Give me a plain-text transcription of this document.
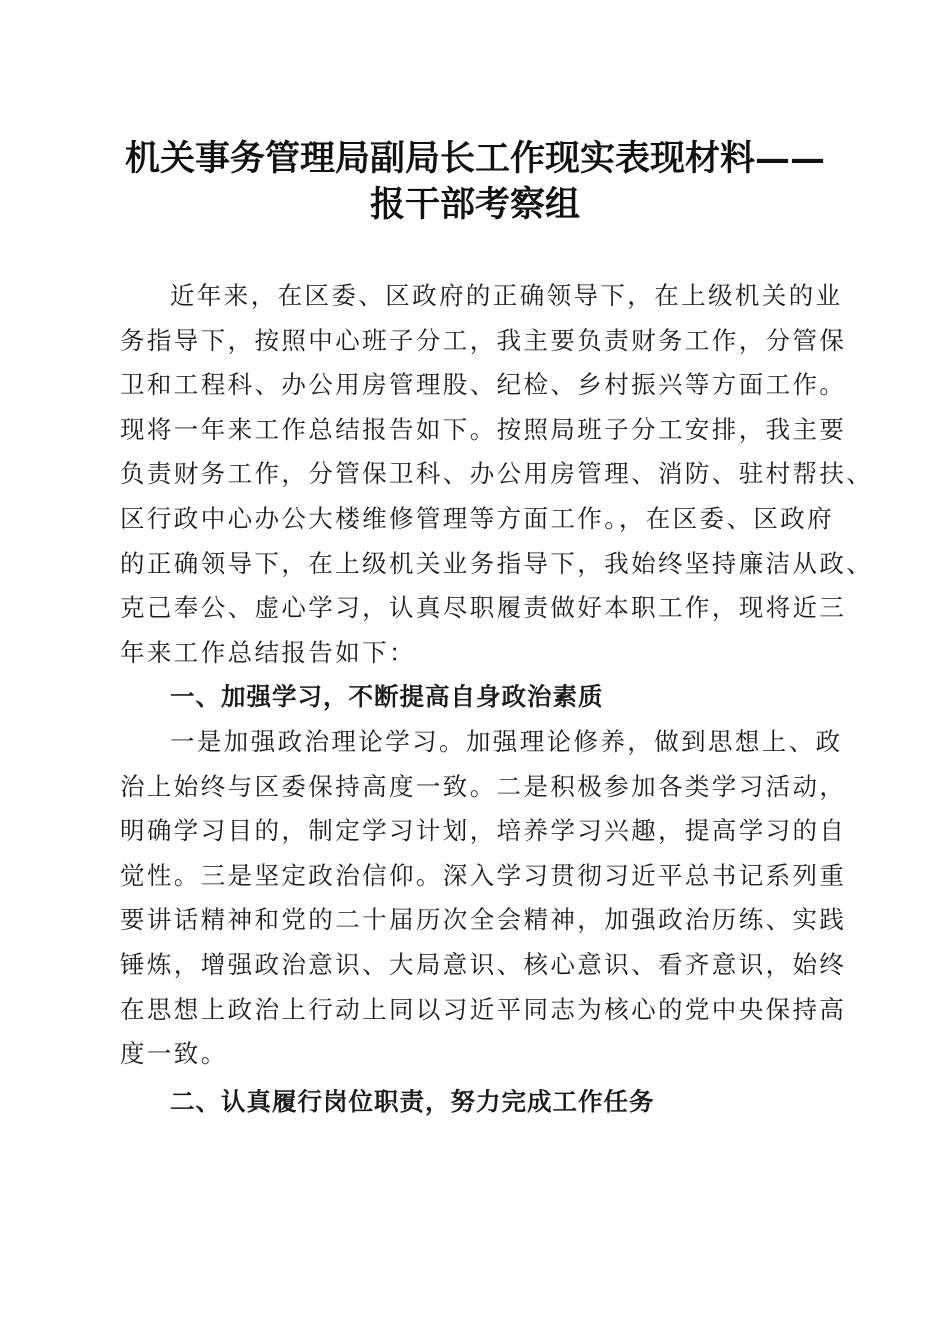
机关事务管理局副局长工作现实表现材料——
报干部考察组
近年来，在区委、区政府的正确领导下，在上级机关的业
务指导下，按照中心班子分工，我主要负责财务工作，分管保
卫和工程科、办公用房管理股、纪检、乡村振兴等方面工作。
现将一年来工作总结报告如下。按照局班子分工安排，我主要
负责财务工作，分管保卫科、办公用房管理、消防、驻村帮扶、
区行政中心办公大楼维修管理等方面工作。，在区委、区政府
的正确领导下，在上级机关业务指导下，我始终坚持廉洁从政、
克己奉公、虚心学习，认真尽职履责做好本职工作，现将近三
年来工作总结报告如下：
一、加强学习，不断提高自身政治素质
一是加强政治理论学习。加强理论修养，做到思想上、政
治上始终与区委保持高度一致。二是积极参加各类学习活动，
明确学习目的，制定学习计划，培养学习兴趣，提高学习的自
觉性。三是坚定政治信仰。深入学习贯彻习近平总书记系列重
要讲话精神和党的二十届历次全会精神，加强政治历练、实践
锤炼，增强政治意识、大局意识、核心意识、看齐意识，始终
在思想上政治上行动上同以习近平同志为核心的党中央保持高
度一致。
二、认真履行岗位职责，努力完成工作任务
